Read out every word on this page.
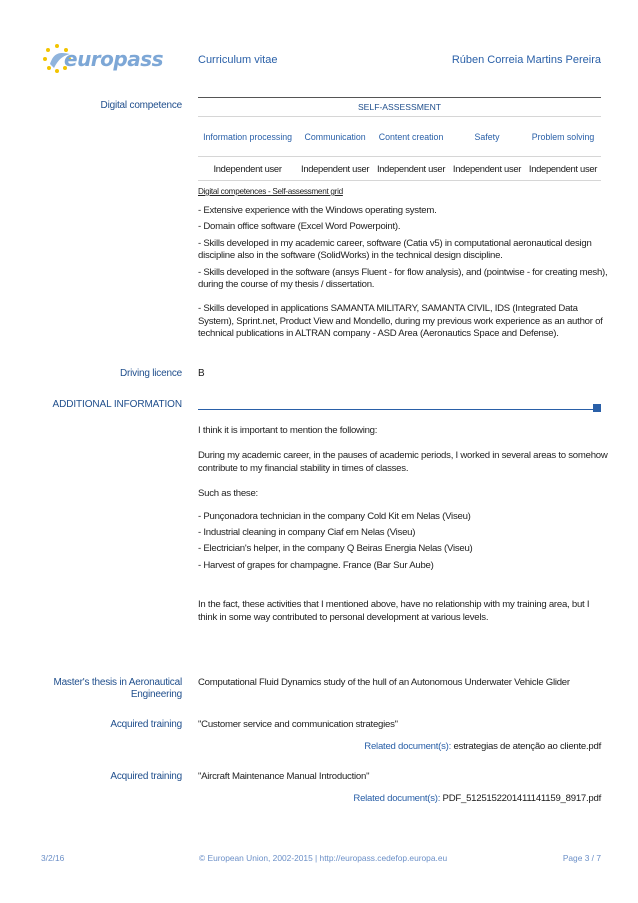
europass	Curriculum vitae	Rúben Correia Martins Pereira
Digital competence	SELF-ASSESSMENT				
Information processing	Communication	Content creation	Safety	Problem solving
Independent user	Independent user	Independent user	Independent user	Independent user
Digital competences - Self-assessment grid

- Extensive experience with the Windows operating system.

- Domain office software (Excel Word Powerpoint).

- Skills developed in my academic career, software (Catia v5) in computational aeronautical design discipline also in the software (SolidWorks) in the technical design discipline.

- Skills developed in the software (ansys Fluent - for flow analysis), and (pointwise - for creating mesh), during the course of my thesis / dissertation.

- Skills developed in applications SAMANTA MILITARY, SAMANTA CIVIL, IDS (Integrated Data System), Sprint.net, Product View and Mondello, during my previous work experience as an author of technical publications in ALTRAN company - ASD Area (Aeronautics Space and Defense).

Driving licence B
ADDITIONAL INFORMATION

I think it is important to mention the following:

During my academic career, in the pauses of academic periods, I worked in several areas to somehow contribute to my financial stability in times of classes.

Such as these:

- Punçonadora technician in the company Cold Kit em Nelas (Viseu)

- Industrial cleaning in company Ciaf em Nelas (Viseu)

- Electrician's helper, in the company Q Beiras Energia Nelas (Viseu)

- Harvest of grapes for champagne. France (Bar Sur Aube)

In the fact, these activities that I mentioned above, have no relationship with my training area, but I think in some way contributed to personal development at various levels.

Master's thesis in Aeronautical
Engineering
Computational Fluid Dynamics study of the hull of an Autonomous Underwater Vehicle Glider
Acquired training "Customer service and communication strategies"
Related document(s): estrategias de atenção ao cliente.pdf
Acquired training "Aircraft Maintenance Manual Introduction"
Related document(s): PDF_5125152201411141159_8917.pdf
3/2/16	© European Union, 2002-2015 | http://europass.cedefop.europa.eu	Page 3 / 7
